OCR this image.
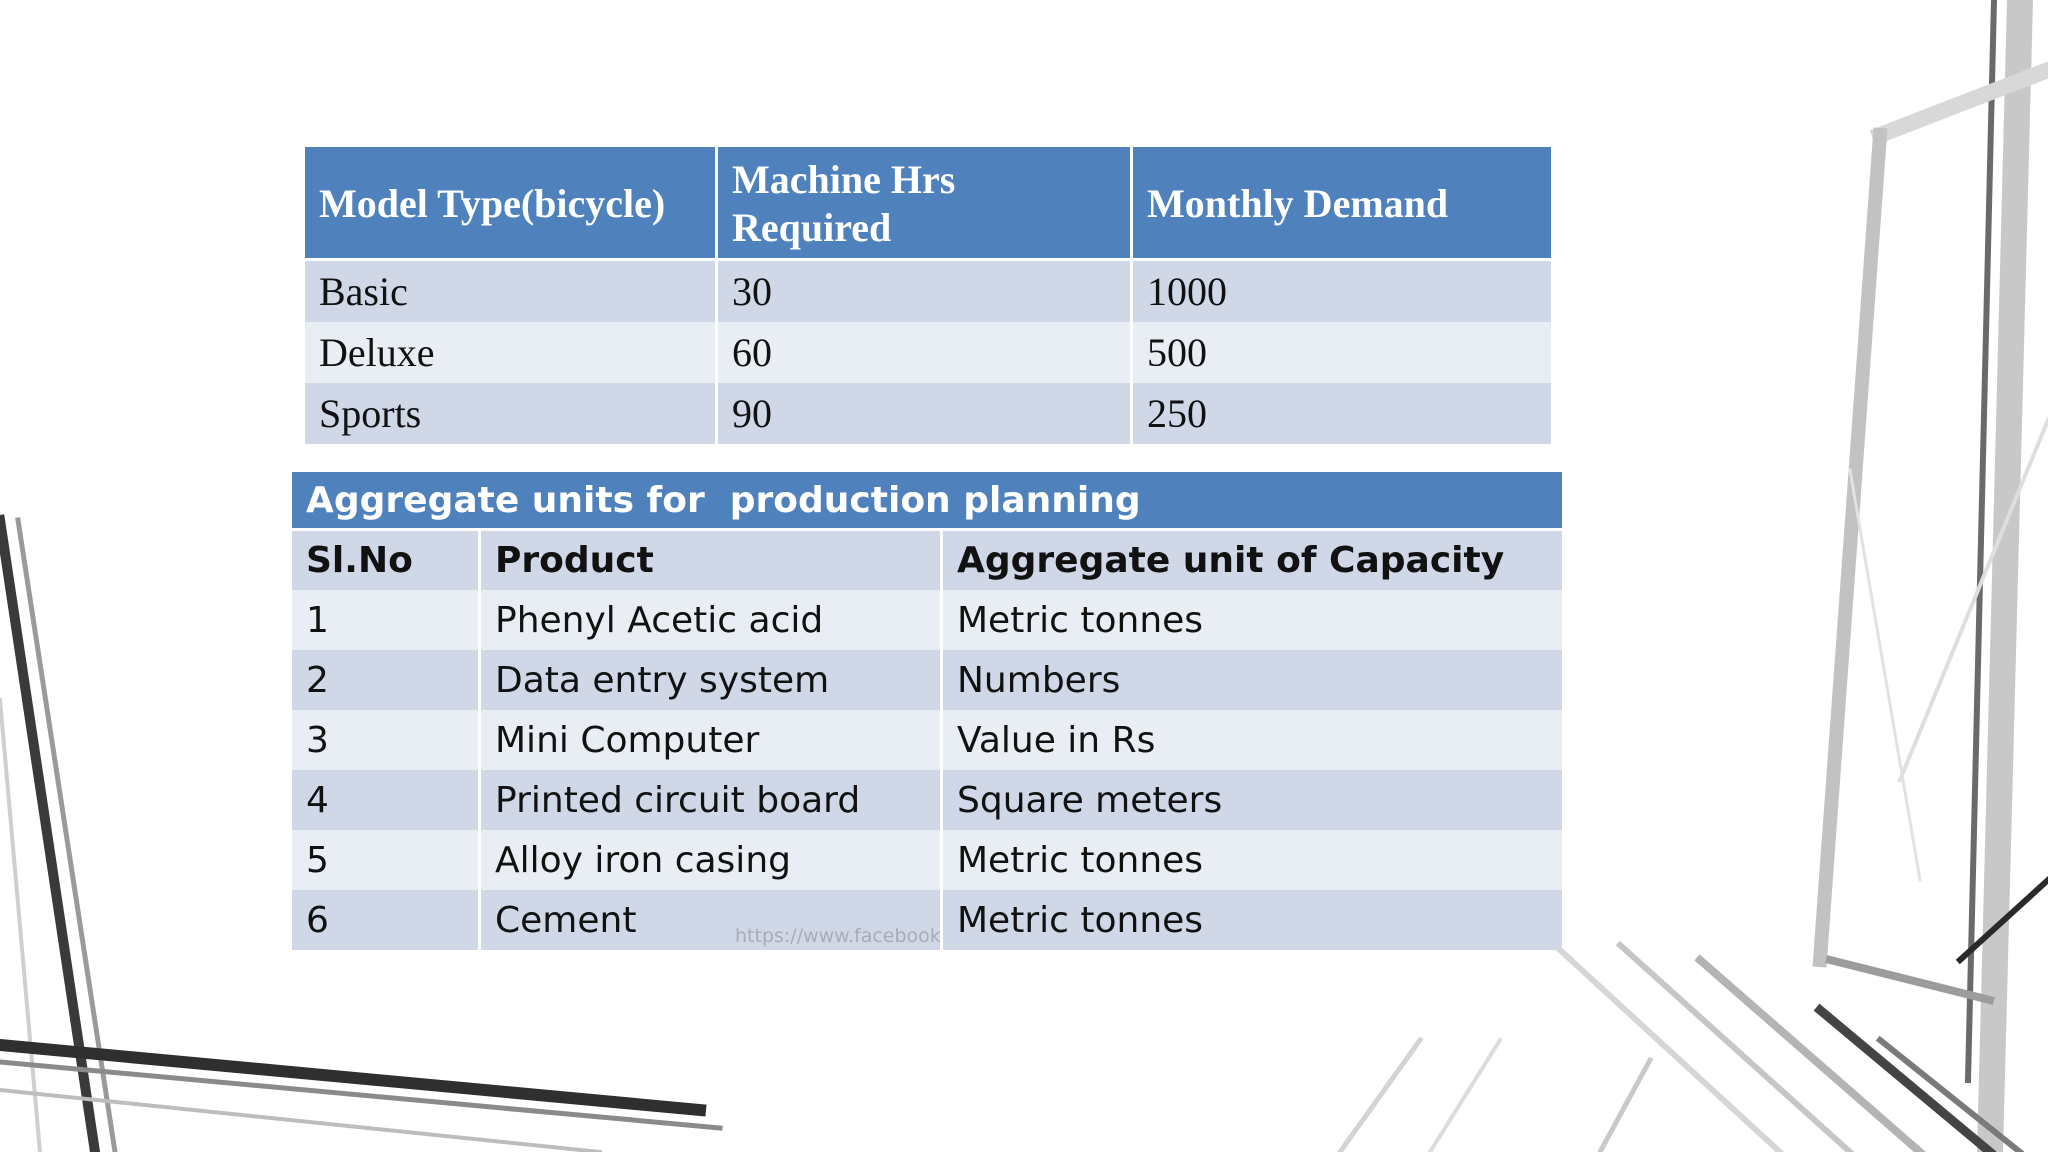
Model Type(bicycle)	Machine Hrs Required	Monthly Demand
Basic	30	1000
Deluxe	60	500
Sports	90	250
Aggregate units for  production planning		
Sl.No	Product	Aggregate unit of Capacity
1	Phenyl Acetic acid	Metric tonnes
2	Data entry system	Numbers
3	Mini Computer	Value in Rs
4	Printed circuit board	Square meters
5	Alloy iron casing	Metric tonnes
6	Cement	Metric tonnes
https://www.facebook
